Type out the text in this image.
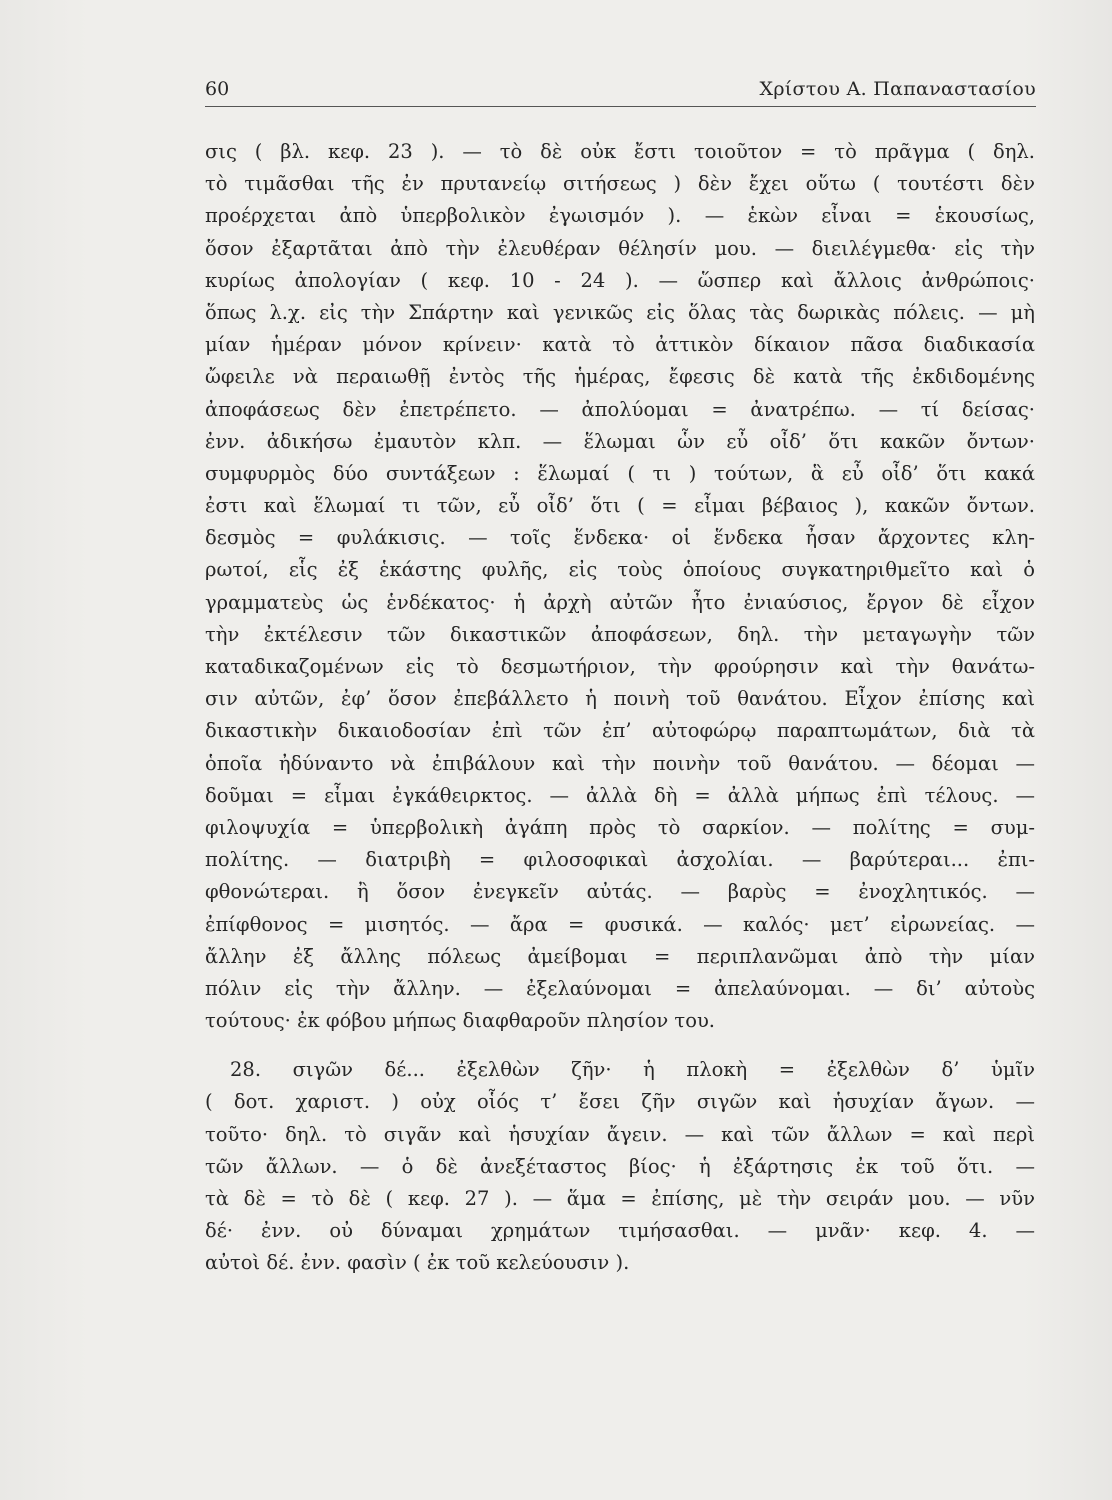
60	Χρίστου Α. Παπαναστασίου
σις ( βλ. κεφ. 23 ). — τὸ δὲ οὐκ ἔστι τοιοῦτον = τὸ πρᾶγμα ( δηλ.
τὸ τιμᾶσθαι τῆς ἐν πρυτανείῳ σιτήσεως ) δὲν ἔχει οὕτω ( τουτέστι δὲν
προέρχεται ἀπὸ ὑπερβολικὸν ἐγωισμόν ). — ἑκὼν εἶναι = ἑκουσίως,
ὅσον ἐξαρτᾶται ἀπὸ τὴν ἐλευθέραν θέλησίν μου. — διειλέγμεθα· εἰς τὴν
κυρίως ἀπολογίαν ( κεφ. 10 - 24 ). — ὥσπερ καὶ ἄλλοις ἀνθρώποις·
ὅπως λ.χ. εἰς τὴν Σπάρτην καὶ γενικῶς εἰς ὅλας τὰς δωρικὰς πόλεις. — μὴ
μίαν ἡμέραν μόνον κρίνειν· κατὰ τὸ ἀττικὸν δίκαιον πᾶσα διαδικασία
ὤφειλε νὰ περαιωθῇ ἐντὸς τῆς ἡμέρας, ἔφεσις δὲ κατὰ τῆς ἐκδιδομένης
ἀποφάσεως δὲν ἐπετρέπετο. — ἀπολύομαι = ἀνατρέπω. — τί δείσας·
ἐνν. ἀδικήσω ἐμαυτὸν κλπ. — ἕλωμαι ὧν εὖ οἶδ’ ὅτι κακῶν ὄντων·
συμφυρμὸς δύο συντάξεων : ἕλωμαί ( τι ) τούτων, ἃ εὖ οἶδ’ ὅτι κακά
ἐστι καὶ ἕλωμαί τι τῶν, εὖ οἶδ’ ὅτι ( = εἶμαι βέβαιος ), κακῶν ὄντων.
δεσμὸς = φυλάκισις. — τοῖς ἕνδεκα· οἱ ἕνδεκα ἦσαν ἄρχοντες κλη-
ρωτοί, εἷς ἐξ ἑκάστης φυλῆς, εἰς τοὺς ὁποίους συγκατηριθμεῖτο καὶ ὁ
γραμματεὺς ὡς ἑνδέκατος· ἡ ἀρχὴ αὐτῶν ἦτο ἐνιαύσιος, ἔργον δὲ εἶχον
τὴν ἐκτέλεσιν τῶν δικαστικῶν ἀποφάσεων, δηλ. τὴν μεταγωγὴν τῶν
καταδικαζομένων εἰς τὸ δεσμωτήριον, τὴν φρούρησιν καὶ τὴν θανάτω-
σιν αὐτῶν, ἐφ’ ὅσον ἐπεβάλλετο ἡ ποινὴ τοῦ θανάτου. Εἶχον ἐπίσης καὶ
δικαστικὴν δικαιοδοσίαν ἐπὶ τῶν ἐπ’ αὐτοφώρῳ παραπτωμάτων, διὰ τὰ
ὁποῖα ἠδύναντο νὰ ἐπιβάλουν καὶ τὴν ποινὴν τοῦ θανάτου. — δέομαι —
δοῦμαι = εἶμαι ἐγκάθειρκτος. — ἀλλὰ δὴ = ἀλλὰ μήπως ἐπὶ τέλους. —
φιλοψυχία = ὑπερβολικὴ ἀγάπη πρὸς τὸ σαρκίον. — πολίτης = συμ-
πολίτης. — διατριβὴ = φιλοσοφικαὶ ἀσχολίαι. — βαρύτεραι... ἐπι-
φθονώτεραι. ἢ ὅσον ἐνεγκεῖν αὐτάς. — βαρὺς = ἐνοχλητικός. —
ἐπίφθονος = μισητός. — ἄρα = φυσικά. — καλός· μετ’ εἰρωνείας. —
ἄλλην ἐξ ἄλλης πόλεως ἀμείβομαι = περιπλανῶμαι ἀπὸ τὴν μίαν
πόλιν εἰς τὴν ἄλλην. — ἐξελαύνομαι = ἀπελαύνομαι. — δι’ αὐτοὺς
τούτους· ἐκ φόβου μήπως διαφθαροῦν πλησίον του.
28. σιγῶν δέ... ἐξελθὼν ζῆν· ἡ πλοκὴ = ἐξελθὼν δ’ ὑμῖν
( δοτ. χαριστ. ) οὐχ οἷός τ’ ἔσει ζῆν σιγῶν καὶ ἡσυχίαν ἄγων. —
τοῦτο· δηλ. τὸ σιγᾶν καὶ ἡσυχίαν ἄγειν. — καὶ τῶν ἄλλων = καὶ περὶ
τῶν ἄλλων. — ὁ δὲ ἀνεξέταστος βίος· ἡ ἐξάρτησις ἐκ τοῦ ὅτι. —
τὰ δὲ = τὸ δὲ ( κεφ. 27 ). — ἅμα = ἐπίσης, μὲ τὴν σειράν μου. — νῦν
δέ· ἐνν. οὐ δύναμαι χρημάτων τιμήσασθαι. — μνᾶν· κεφ. 4. —
αὐτοὶ δέ. ἐνν. φασὶν ( ἐκ τοῦ κελεύουσιν ).
